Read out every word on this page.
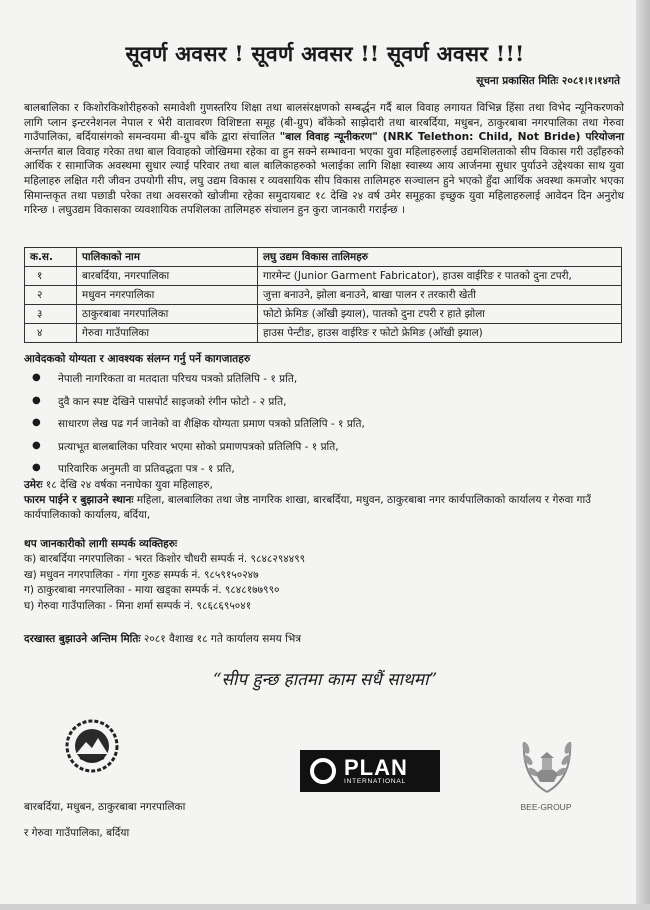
सूवर्ण अवसर ! सूवर्ण अवसर !! सूवर्ण अवसर !!!
सूचना प्रकासित मितिः २०८१।१।१४गते
बालबालिका र किशोरकिशोरीहरुको समावेशी गुणस्तरिय शिक्षा तथा बालसंरक्षणको सम्बर्द्धन गर्दै बाल विवाह लगायत विभिन्न हिंसा तथा विभेद न्यूनिकरणको लागि प्लान इन्टरनेशनल नेपाल र भेरी वातावरण विशिष्टता समूह (बी-ग्रुप) बाँकेको साझेदारी तथा बारबर्दिया, मधुबन, ठाकुरबाबा नगरपालिका तथा गेरुवा गाउँपालिका, बर्दियासंगको समन्वयमा बी-ग्रुप बाँके द्वारा संचालित "बाल विवाह न्यूनीकरण" (NRK Telethon: Child, Not Bride) परियोजना अन्तर्गत बाल विवाह गरेका तथा बाल विवाहको जोखिममा रहेका वा हुन सक्ने सम्भावना भएका युवा महिलाहरुलाई उद्यमशिलताको सीप विकास गरी उहाँहरुको आर्थिक र सामाजिक अवस्थमा सुधार ल्याई परिवार तथा बाल बालिकाहरुको भलाईका लागि शिक्षा स्वास्थ्य आय आर्जनमा सुधार पुर्याउने उद्देश्यका साथ युवा महिलाहरु लक्षित गरी जीवन उपयोगी सीप, लघु उद्यम विकास र व्यवसायिक सीप विकास तालिमहरु सञ्चालन हुने भएको हुँदा आर्थिक अवस्था कमजोर भएका सिमान्तकृत तथा पछाडी परेका तथा अवसरको खोजीमा रहेका समुदायबाट १८ देखि २४ वर्ष उमेर समूहका इच्छुक युवा महिलाहरुलाई आवेदन दिन अनुरोध गरिन्छ । लघुउद्यम विकासका व्यवशायिक तपशिलका तालिमहरु संचालन हुन कुरा जानकारी गराईन्छ ।
क.स.	पालिकाको नाम	लघु उद्यम विकास तालिमहरु
१	बारबर्दिया, नगरपालिका	गारमेन्ट (Junior Garment Fabricator), हाउस वाईरिङ र पातको दुना टपरी,
२	मधुवन नगरपालिका	जुत्ता बनाउने, झोला बनाउने, बाखा पालन र तरकारी खेती
३	ठाकुरबाबा नगरपालिका	फोटो फ्रेमिङ (आँखी झ्याल), पातको दुना टपरी र हाते झोला
४	गेरुवा गाउँपालिका	हाउस पेन्टीङ, हाउस वाईरिङ र फोटो फ्रेमिङ (आँखी झ्याल)
आवेदकको योग्यता र आवश्यक संलग्न गर्नु पर्ने कागजातहरु
●	नेपाली नागरिकता वा मतदाता परिचय पत्रको प्रतिलिपि - १ प्रति,
●	दुवै कान स्पष्ट देखिने पासपोर्ट साइजको रंगीन फोटो - २ प्रति,
●	साधारण लेख पढ गर्न जानेको वा शैक्षिक योग्यता प्रमाण पत्रको प्रतिलिपि - १ प्रति,
●	प्रत्याभूत बालबालिका परिवार भएमा सोको प्रमाणपत्रको प्रतिलिपि - १ प्रति,
●	पारिवारिक अनुमती वा प्रतिवद्धता पत्र - १ प्रति,
उमेरः १८ देखि २४ वर्षका ननाघेका युवा महिलाहरु,
फारम पाईने र बुझाउने स्थानः महिला, बालबालिका तथा जेष्ठ नागरिक शाखा, बारबर्दिया, मधुवन, ठाकुरबाबा नगर कार्यपालिकाको कार्यालय र गेरुवा गाउँ कार्यपालिकाको कार्यालय, बर्दिया,
थप जानकारीको लागी सम्पर्क व्यक्तिहरुः
क) बारबर्दिया नगरपालिका - भरत किशोर चौधरी सम्पर्क नं. ९८४८२९४४९९
ख) मधुवन नगरपालिका - गंगा गुरुङ सम्पर्क नं. ९८५९१५०२४७
ग) ठाकुरबाबा नगरपालिका - माया खड्का सम्पर्क नं. ९८४८१७७९९०
घ) गेरुवा गाउँपालिका - मिना शर्मा सम्पर्क नं. ९८६८६९५०४१
दरखास्त बुझाउने अन्तिम मितिः २०८१ वैशाख १८ गते कार्यालय समय भित्र
“सीप हुन्छ हातमा काम सधैं साथमा”
PLAN
INTERNATIONAL
BEE-GROUP
बारबर्दिया, मधुबन, ठाकुरबाबा नगरपालिका
र गेरुवा गाउँपालिका, बर्दिया
